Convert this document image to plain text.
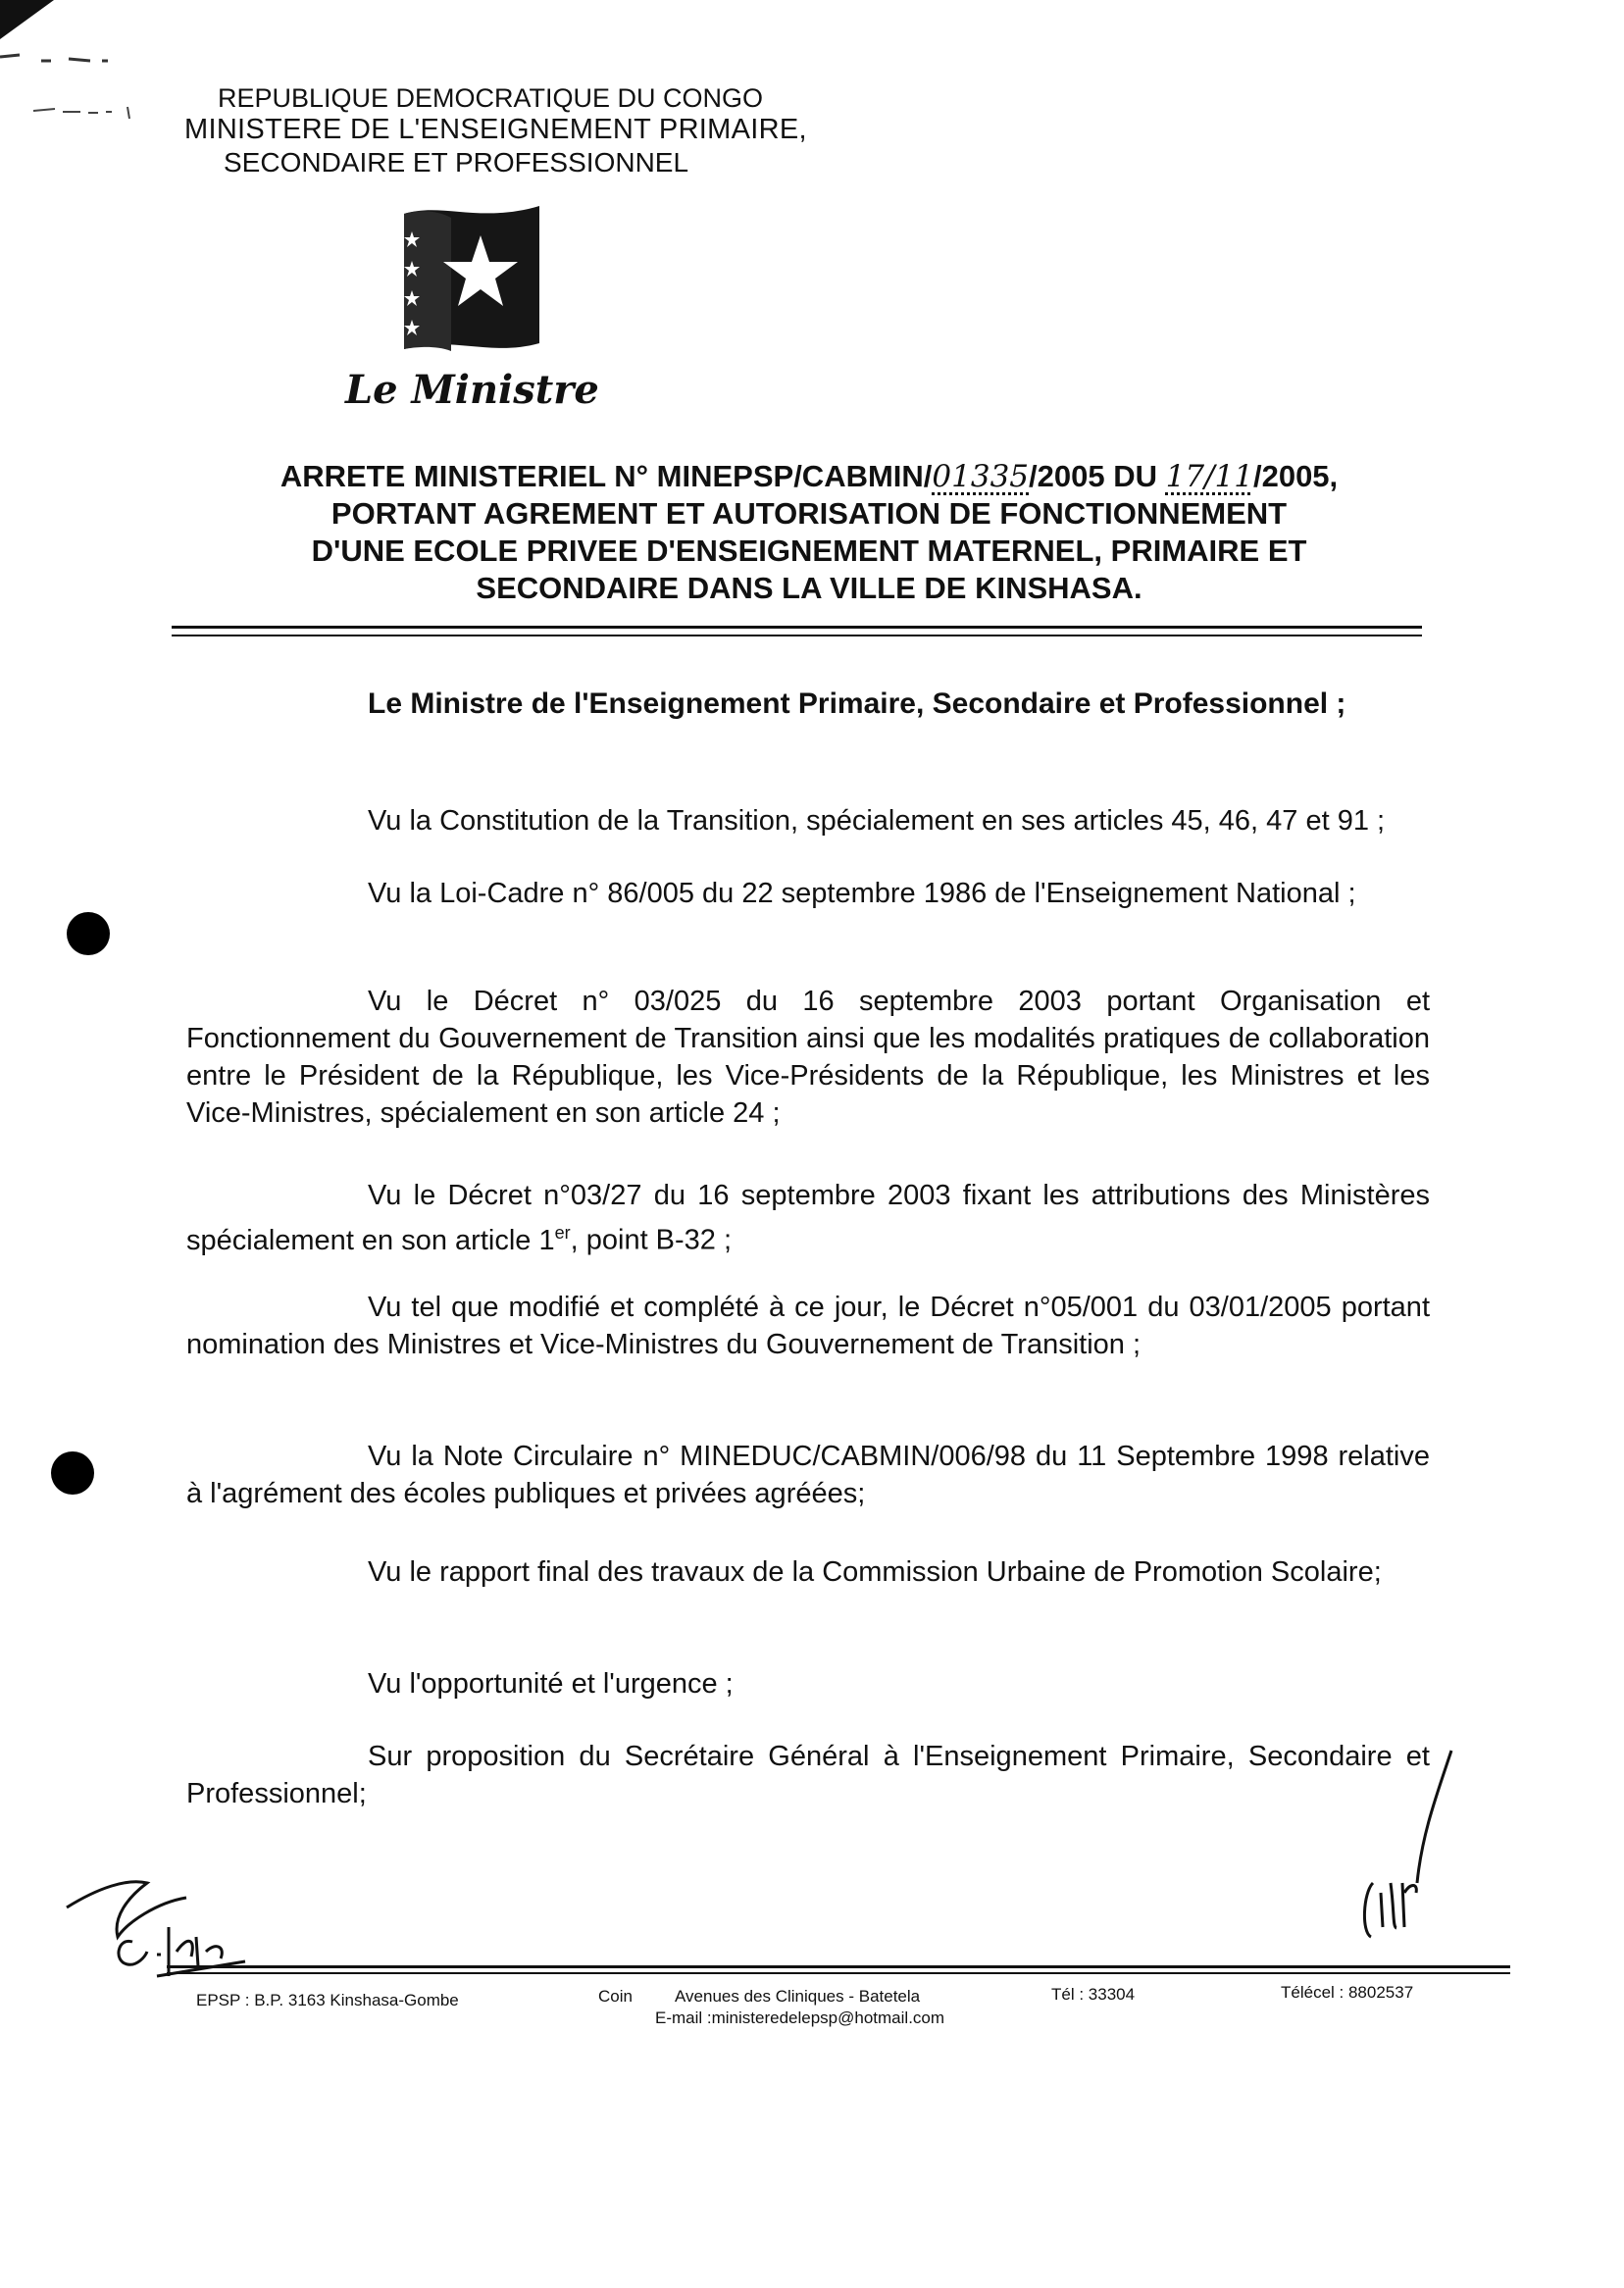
REPUBLIQUE DEMOCRATIQUE DU CONGO
MINISTERE DE L'ENSEIGNEMENT PRIMAIRE,
SECONDAIRE ET PROFESSIONNEL
Le Ministre
ARRETE MINISTERIEL N° MINEPSP/CABMIN/01335/2005 DU 17/11/2005,
PORTANT AGREMENT ET AUTORISATION DE FONCTIONNEMENT
D'UNE ECOLE PRIVEE D'ENSEIGNEMENT MATERNEL, PRIMAIRE ET
SECONDAIRE DANS LA VILLE DE KINSHASA.
Le Ministre de l'Enseignement Primaire, Secondaire et Professionnel ;
Vu la Constitution de la Transition, spécialement en ses articles 45, 46, 47 et 91 ;
Vu la Loi-Cadre n° 86/005 du 22 septembre 1986 de l'Enseignement National ;
Vu le Décret n° 03/025 du 16 septembre 2003 portant Organisation et Fonctionnement du Gouvernement de Transition ainsi que les modalités pratiques de collaboration entre le Président de la République, les Vice-Présidents de la République, les Ministres et les Vice-Ministres, spécialement en son article 24 ;
Vu le Décret n°03/27 du 16 septembre 2003 fixant les attributions des Ministères spécialement en son article 1er, point B-32 ;
Vu tel que modifié et complété à ce jour, le Décret n°05/001 du 03/01/2005 portant nomination des Ministres et Vice-Ministres du Gouvernement de Transition ;
Vu la Note Circulaire n° MINEDUC/CABMIN/006/98 du 11 Septembre 1998 relative à l'agrément des écoles publiques et privées agréées;
Vu le rapport final des travaux de la Commission Urbaine de Promotion Scolaire;
Vu l'opportunité et l'urgence ;
Sur proposition du Secrétaire Général à l'Enseignement Primaire, Secondaire et Professionnel;
EPSP : B.P. 3163 Kinshasa-Gombe	Coin	Avenues des Cliniques - Batetela
E-mail :ministeredelepsp@hotmail.com
Tél : 33304	Télécel : 8802537
